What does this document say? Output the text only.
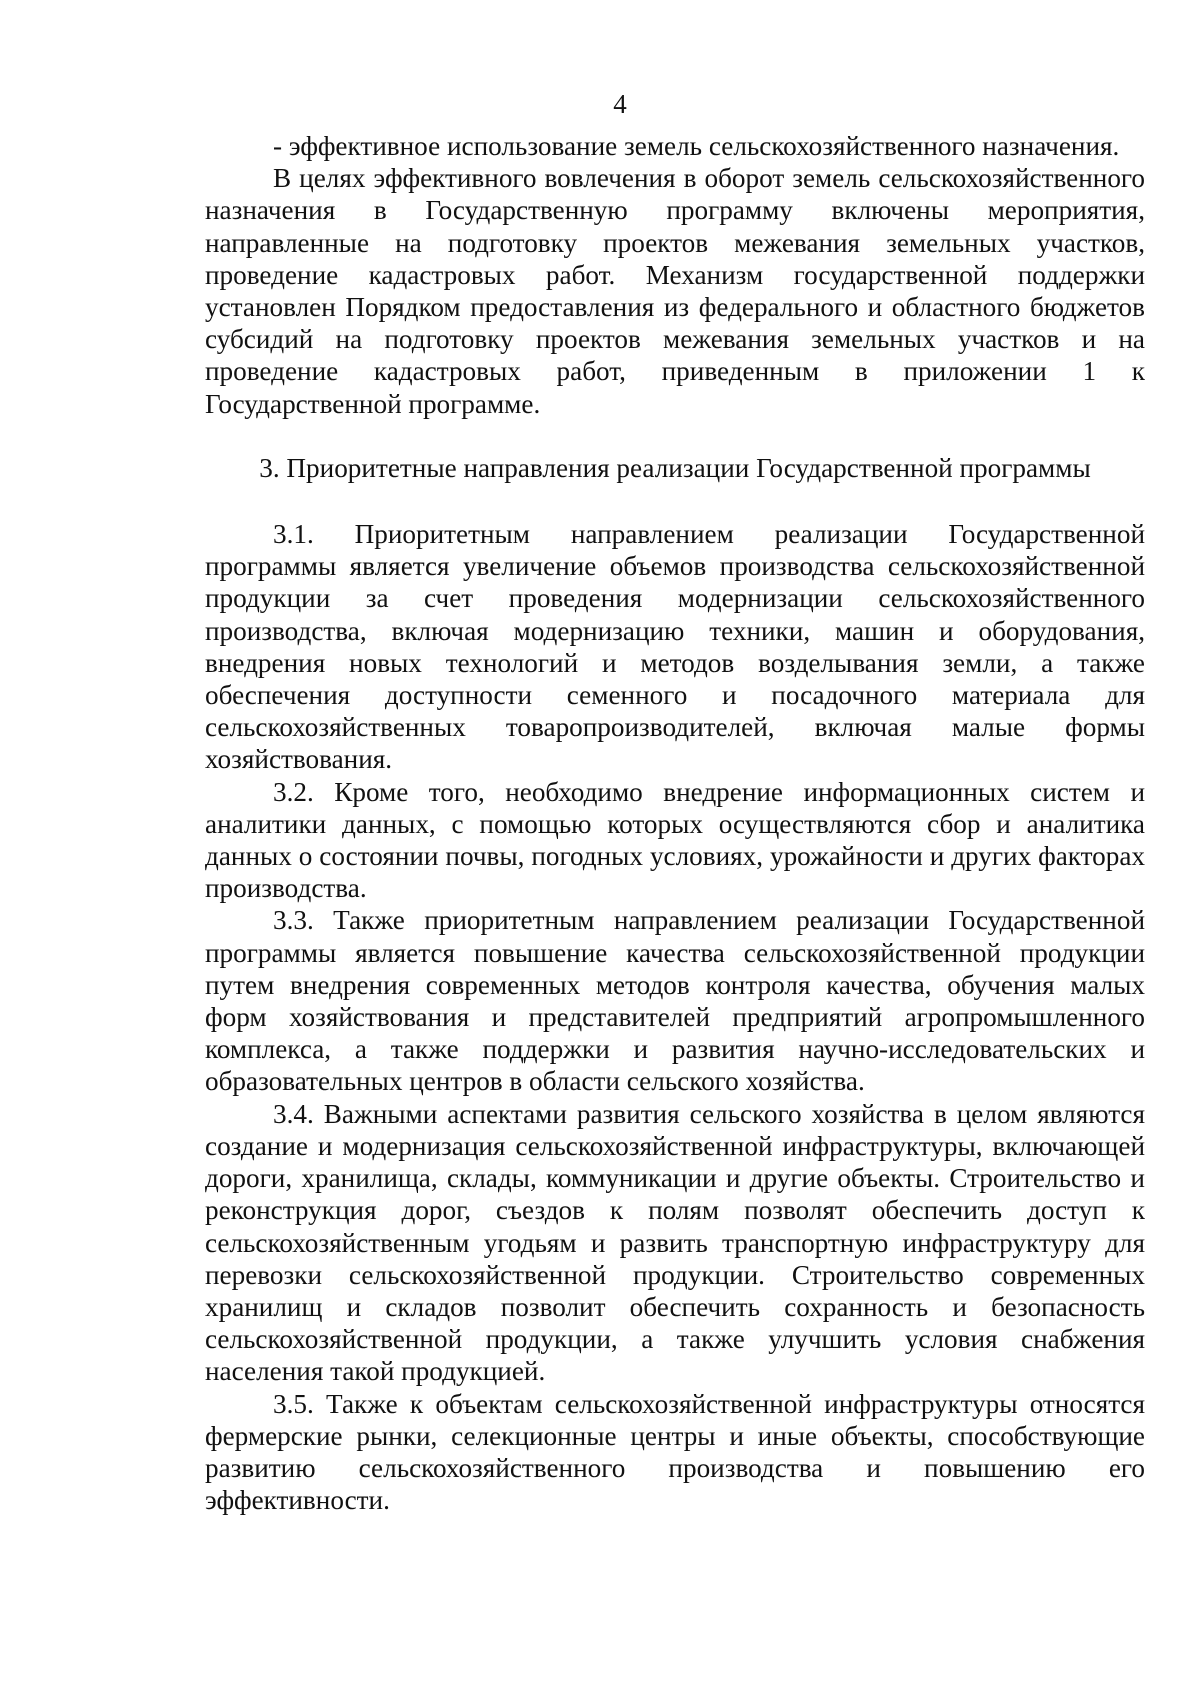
4

- эффективное использование земель сельскохозяйственного назначения.

В целях эффективного вовлечения в оборот земель сельскохозяйственного назначения в Государственную программу включены мероприятия, направленные на подготовку проектов межевания земельных участков, проведение кадастровых работ. Механизм государственной поддержки установлен Порядком предоставления из федерального и областного бюджетов субсидий на подготовку проектов межевания земельных участков и на проведение кадастровых работ, приведенным в приложении 1 к Государственной программе.

3. Приоритетные направления реализации Государственной программы

3.1. Приоритетным направлением реализации Государственной программы является увеличение объемов производства сельскохозяйственной продукции за счет проведения модернизации сельскохозяйственного производства, включая модернизацию техники, машин и оборудования, внедрения новых технологий и методов возделывания земли, а также обеспечения доступности семенного и посадочного материала для сельскохозяйственных товаропроизводителей, включая малые формы хозяйствования.

3.2. Кроме того, необходимо внедрение информационных систем и аналитики данных, с помощью которых осуществляются сбор и аналитика данных о состоянии почвы, погодных условиях, урожайности и других факторах производства.

3.3. Также приоритетным направлением реализации Государственной программы является повышение качества сельскохозяйственной продукции путем внедрения современных методов контроля качества, обучения малых форм хозяйствования и представителей предприятий агропромышленного комплекса, а также поддержки и развития научно-исследовательских и образовательных центров в области сельского хозяйства.

3.4. Важными аспектами развития сельского хозяйства в целом являются создание и модернизация сельскохозяйственной инфраструктуры, включающей дороги, хранилища, склады, коммуникации и другие объекты. Строительство и реконструкция дорог, съездов к полям позволят обеспечить доступ к сельскохозяйственным угодьям и развить транспортную инфраструктуру для перевозки сельскохозяйственной продукции. Строительство современных хранилищ и складов позволит обеспечить сохранность и безопасность сельскохозяйственной продукции, а также улучшить условия снабжения населения такой продукцией.

3.5. Также к объектам сельскохозяйственной инфраструктуры относятся фермерские рынки, селекционные центры и иные объекты, способствующие развитию сельскохозяйственного производства и повышению его эффективности.
